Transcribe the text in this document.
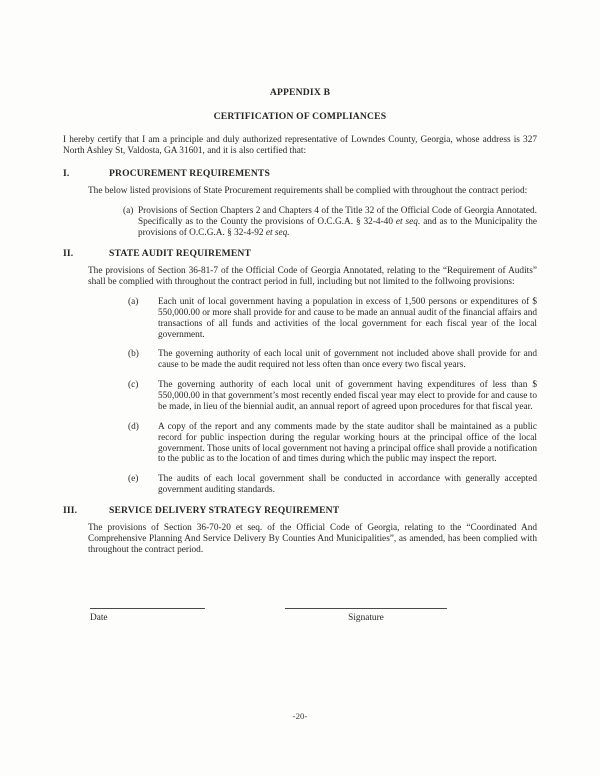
APPENDIX B
CERTIFICATION OF COMPLIANCES

I hereby certify that I am a principle and duly authorized representative of Lowndes County, Georgia, whose address is 327 North Ashley St, Valdosta, GA 31601, and it is also certified that:

I.	PROCUREMENT REQUIREMENTS

The below listed provisions of State Procurement requirements shall be complied with throughout the contract period:

(a) Provisions of Section Chapters 2 and Chapters 4 of the Title 32 of the Official Code of Georgia Annotated. Specifically as to the County the provisions of O.C.G.A. § 32-4-40 et seq. and as to the Municipality the provisions of O.C.G.A. § 32-4-92 et seq.
II.	STATE AUDIT REQUIREMENT

The provisions of Section 36-81-7 of the Official Code of Georgia Annotated, relating to the “Requirement of Audits” shall be complied with throughout the contract period in full, including but not limited to the follwoing provisions:

(a)	Each unit of local government having a population in excess of 1,500 persons or expenditures of $ 550,000.00 or more shall provide for and cause to be made an annual audit of the financial affairs and transactions of all funds and activities of the local government for each fiscal year of the local government.
(b)	The governing authority of each local unit of government not included above shall provide for and cause to be made the audit required not less often than once every two fiscal years.
(c)	The governing authority of each local unit of government having expenditures of less than $ 550,000.00 in that government’s most recently ended fiscal year may elect to provide for and cause to be made, in lieu of the biennial audit, an annual report of agreed upon procedures for that fiscal year.
(d)	A copy of the report and any comments made by the state auditor shall be maintained as a public record for public inspection during the regular working hours at the principal office of the local government. Those units of local government not having a principal office shall provide a notification to the public as to the location of and times during which the public may inspect the report.
(e)	The audits of each local government shall be conducted in accordance with generally accepted government auditing standards.
III.	SERVICE DELIVERY STRATEGY REQUIREMENT

The provisions of Section 36-70-20 et seq. of the Official Code of Georgia, relating to the “Coordinated And Comprehensive Planning And Service Delivery By Counties And Municipalities”, as amended, has been complied with throughout the contract period.

Date	Signature
-20-
